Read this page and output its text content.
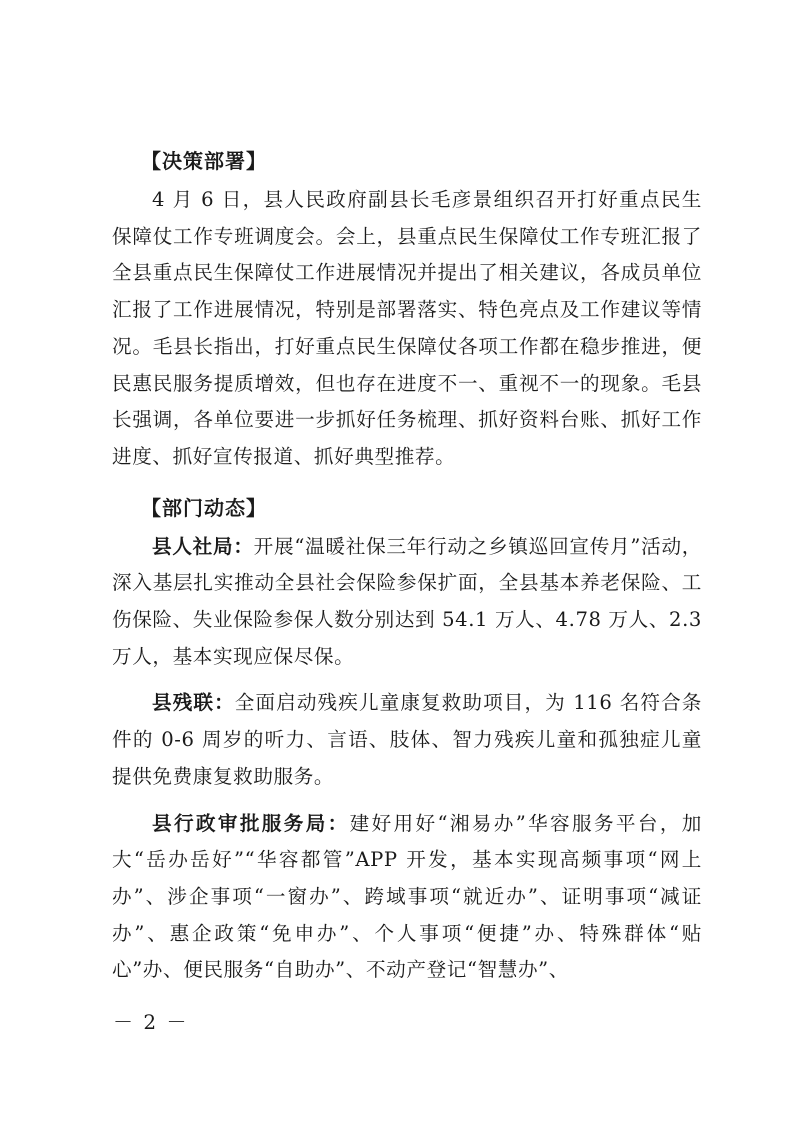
【决策部署】

4 月 6 日，县人民政府副县长毛彦景组织召开打好重点民生保障仗工作专班调度会。会上，县重点民生保障仗工作专班汇报了全县重点民生保障仗工作进展情况并提出了相关建议，各成员单位汇报了工作进展情况，特别是部署落实、特色亮点及工作建议等情况。毛县长指出，打好重点民生保障仗各项工作都在稳步推进，便民惠民服务提质增效，但也存在进度不一、重视不一的现象。毛县长强调，各单位要进一步抓好任务梳理、抓好资料台账、抓好工作进度、抓好宣传报道、抓好典型推荐。

【部门动态】

县人社局：开展“温暖社保三年行动之乡镇巡回宣传月”活动，深入基层扎实推动全县社会保险参保扩面，全县基本养老保险、工伤保险、失业保险参保人数分别达到 54.1 万人、4.78 万人、2.3 万人，基本实现应保尽保。

县残联：全面启动残疾儿童康复救助项目，为 116 名符合条件的 0-6 周岁的听力、言语、肢体、智力残疾儿童和孤独症儿童提供免费康复救助服务。

县行政审批服务局：建好用好“湘易办”华容服务平台，加大“岳办岳好”“华容都管”APP 开发，基本实现高频事项“网上办”、涉企事项“一窗办”、跨域事项“就近办”、证明事项“减证办”、惠企政策“免申办”、个人事项“便捷”办、特殊群体“贴心”办、便民服务“自助办”、不动产登记“智慧办”、

－ 2 －
